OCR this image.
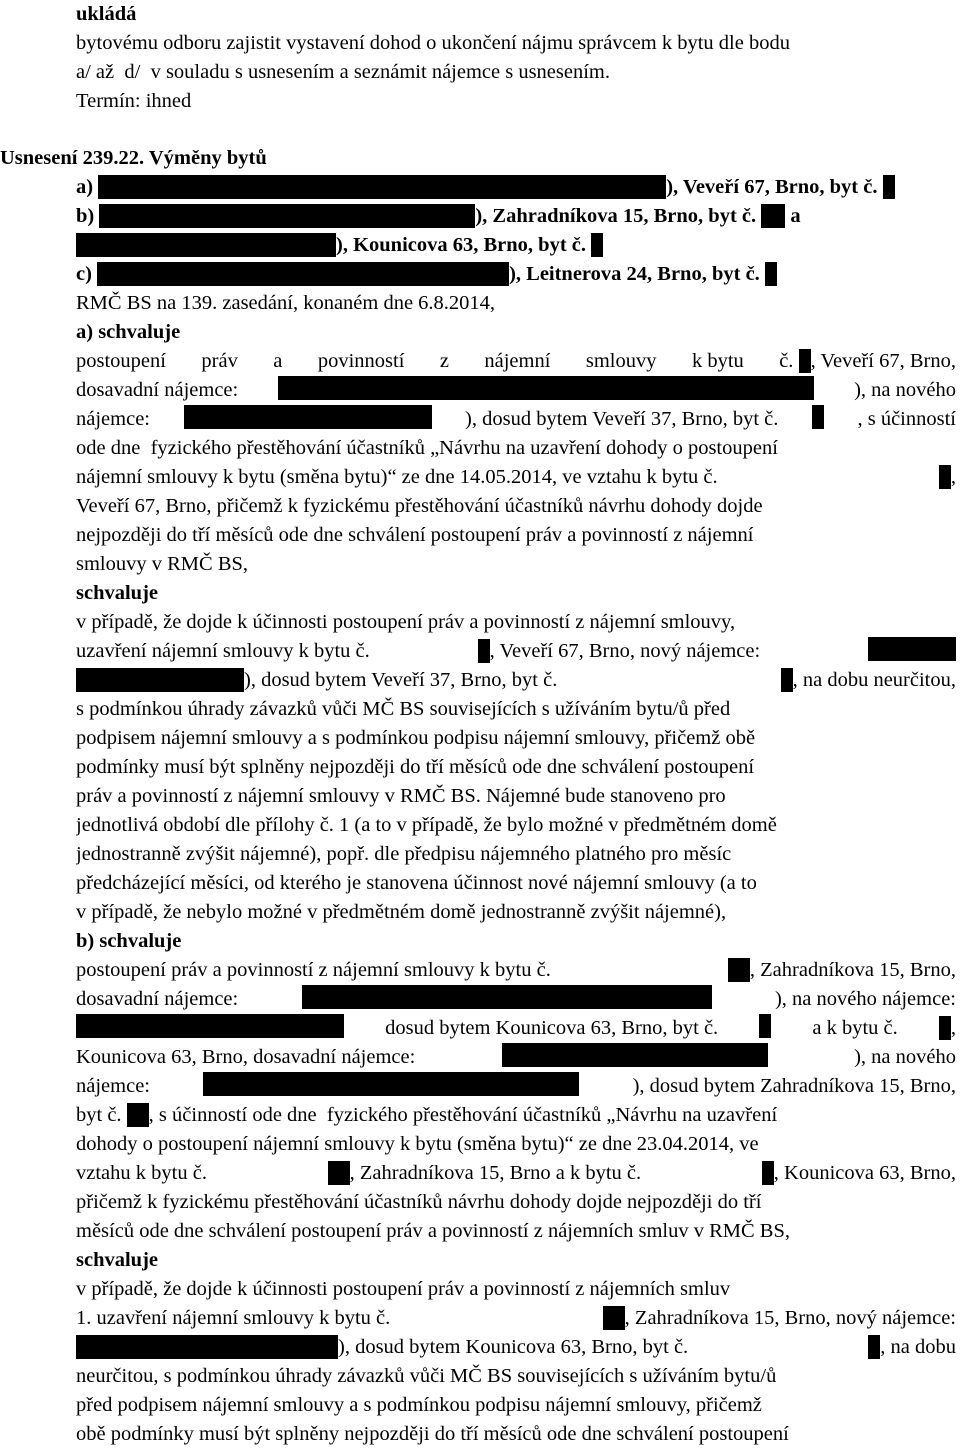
ukládá
bytovému odboru zajistit vystavení dohod o ukončení nájmu správcem k bytu dle bodu
a/ až  d/  v souladu s usnesením a seznámit nájemce s usnesením.
Termín: ihned
Usnesení 239.22. Výměny bytů
a)	), Veveří 67, Brno, byt č.
b)	), Zahradníkova 15, Brno, byt č. a
), Kounicova 63, Brno, byt č.
c)	), Leitnerova 24, Brno, byt č.
RMČ BS na 139. zasedání, konaném dne 6.8.2014,
a) schvaluje
postoupení práv a povinností z nájemní smlouvy k bytu č. , Veveří 67, Brno,
dosavadní nájemce:	), na nového
nájemce:	), dosud bytem Veveří 37, Brno, byt č.	, s účinností
ode dne  fyzického přestěhování účastníků „Návrhu na uzavření dohody o postoupení
nájemní smlouvy k bytu (směna bytu)“ ze dne 14.05.2014, ve vztahu k bytu č.	,
Veveří 67, Brno, přičemž k fyzickému přestěhování účastníků návrhu dohody dojde
nejpozději do tří měsíců ode dne schválení postoupení práv a povinností z nájemní
smlouvy v RMČ BS,
schvaluje
v případě, že dojde k účinnosti postoupení práv a povinností z nájemní smlouvy,
uzavření nájemní smlouvy k bytu č.	, Veveří 67, Brno, nový nájemce:
), dosud bytem Veveří 37, Brno, byt č.	, na dobu neurčitou,
s podmínkou úhrady závazků vůči MČ BS souvisejících s užíváním bytu/ů před
podpisem nájemní smlouvy a s podmínkou podpisu nájemní smlouvy, přičemž obě
podmínky musí být splněny nejpozději do tří měsíců ode dne schválení postoupení
práv a povinností z nájemní smlouvy v RMČ BS. Nájemné bude stanoveno pro
jednotlivá období dle přílohy č. 1 (a to v případě, že bylo možné v předmětném domě
jednostranně zvýšit nájemné), popř. dle předpisu nájemného platného pro měsíc
předcházející měsíci, od kterého je stanovena účinnost nové nájemní smlouvy (a to
v případě, že nebylo možné v předmětném domě jednostranně zvýšit nájemné),
b) schvaluje
postoupení práv a povinností z nájemní smlouvy k bytu č.	, Zahradníkova 15, Brno,
dosavadní nájemce:	), na nového nájemce:
dosud bytem Kounicova 63, Brno, byt č.	a k bytu č.	,
Kounicova 63, Brno, dosavadní nájemce:	), na nového
nájemce:	), dosud bytem Zahradníkova 15, Brno,
byt č. , s účinností ode dne  fyzického přestěhování účastníků „Návrhu na uzavření
dohody o postoupení nájemní smlouvy k bytu (směna bytu)“ ze dne 23.04.2014, ve
vztahu k bytu č.	, Zahradníkova 15, Brno a k bytu č.	, Kounicova 63, Brno,
přičemž k fyzickému přestěhování účastníků návrhu dohody dojde nejpozději do tří
měsíců ode dne schválení postoupení práv a povinností z nájemních smluv v RMČ BS,
schvaluje
v případě, že dojde k účinnosti postoupení práv a povinností z nájemních smluv
1. uzavření nájemní smlouvy k bytu č.	, Zahradníkova 15, Brno, nový nájemce:
), dosud bytem Kounicova 63, Brno, byt č.	, na dobu
neurčitou, s podmínkou úhrady závazků vůči MČ BS souvisejících s užíváním bytu/ů
před podpisem nájemní smlouvy a s podmínkou podpisu nájemní smlouvy, přičemž
obě podmínky musí být splněny nejpozději do tří měsíců ode dne schválení postoupení
